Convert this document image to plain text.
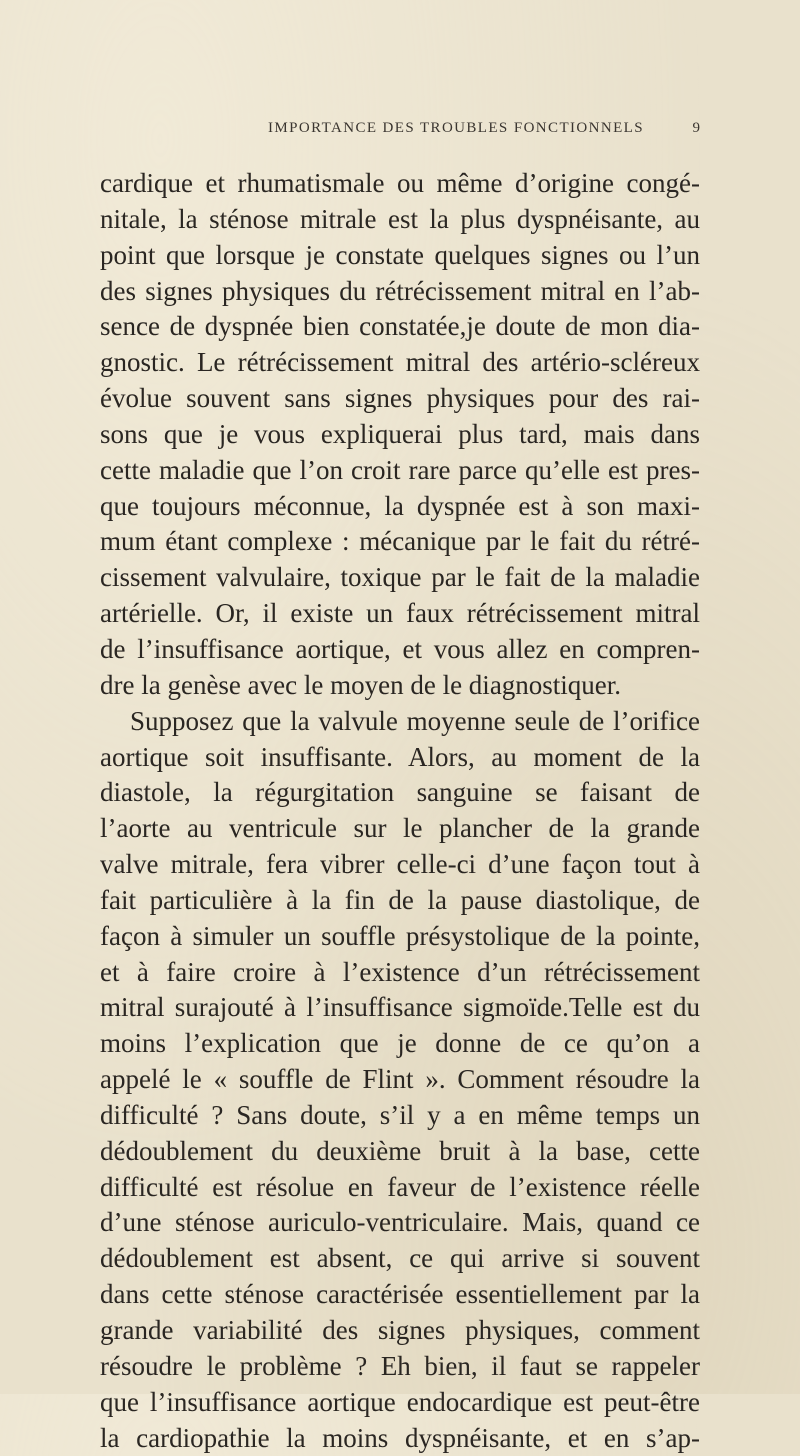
IMPORTANCE DES TROUBLES FONCTIONNELS	9
cardique et rhumatismale ou même d’origine congé-
nitale, la sténose mitrale est la plus dyspnéisante, au
point que lorsque je constate quelques signes ou l’un
des signes physiques du rétrécissement mitral en l’ab-
sence de dyspnée bien constatée,je doute de mon dia-
gnostic. Le rétrécissement mitral des artério-scléreux
évolue souvent sans signes physiques pour des rai-
sons que je vous expliquerai plus tard, mais dans
cette maladie que l’on croit rare parce qu’elle est pres-
que toujours méconnue, la dyspnée est à son maxi-
mum étant complexe : mécanique par le fait du rétré-
cissement valvulaire, toxique par le fait de la maladie
artérielle. Or, il existe un faux rétrécissement mitral
de l’insuffisance aortique, et vous allez en compren-
dre la genèse avec le moyen de le diagnostiquer.
Supposez que la valvule moyenne seule de l’orifice
aortique soit insuffisante. Alors, au moment de la
diastole, la régurgitation sanguine se faisant de
l’aorte au ventricule sur le plancher de la grande
valve mitrale, fera vibrer celle-ci d’une façon tout à
fait particulière à la fin de la pause diastolique, de
façon à simuler un souffle présystolique de la pointe,
et à faire croire à l’existence d’un rétrécissement
mitral surajouté à l’insuffisance sigmoïde.Telle est du
moins l’explication que je donne de ce qu’on a
appelé le « souffle de Flint ». Comment résoudre la
difficulté ? Sans doute, s’il y a en même temps un
dédoublement du deuxième bruit à la base, cette
difficulté est résolue en faveur de l’existence réelle
d’une sténose auriculo-ventriculaire. Mais, quand ce
dédoublement est absent, ce qui arrive si souvent
dans cette sténose caractérisée essentiellement par la
grande variabilité des signes physiques, comment
résoudre le problème ? Eh bien, il faut se rappeler
que l’insuffisance aortique endocardique est peut-être
la cardiopathie la moins dyspnéisante, et en s’ap-
